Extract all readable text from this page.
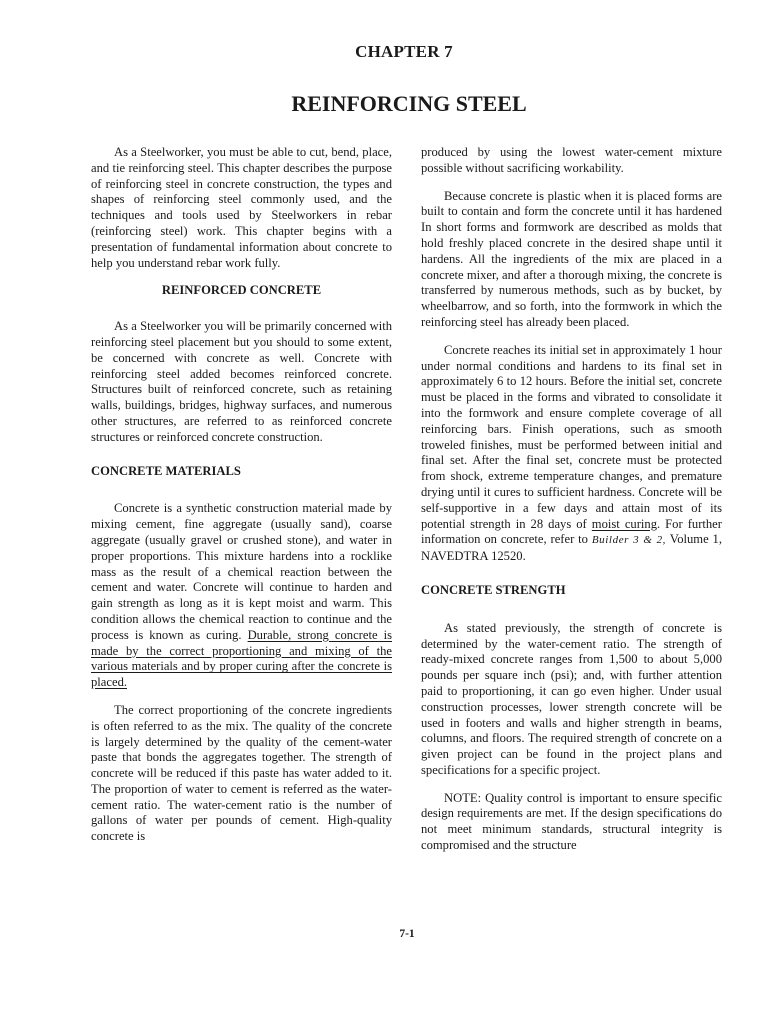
CHAPTER 7
REINFORCING STEEL

As a Steelworker, you must be able to cut, bend, place, and tie reinforcing steel. This chapter describes the purpose of reinforcing steel in concrete construction, the types and shapes of reinforcing steel commonly used, and the techniques and tools used by Steelworkers in rebar (reinforcing steel) work. This chapter begins with a presentation of fundamental information about concrete to help you understand rebar work fully.

REINFORCED CONCRETE

As a Steelworker you will be primarily concerned with reinforcing steel placement but you should to some extent, be concerned with concrete as well. Concrete with reinforcing steel added becomes reinforced concrete. Structures built of reinforced concrete, such as retaining walls, buildings, bridges, highway surfaces, and numerous other structures, are referred to as reinforced concrete structures or reinforced concrete construction.

CONCRETE MATERIALS

Concrete is a synthetic construction material made by mixing cement, fine aggregate (usually sand), coarse aggregate (usually gravel or crushed stone), and water in proper proportions. This mixture hardens into a rocklike mass as the result of a chemical reaction between the cement and water. Concrete will continue to harden and gain strength as long as it is kept moist and warm. This condition allows the chemical reaction to continue and the process is known as curing. Durable, strong concrete is made by the correct proportioning and mixing of the various materials and by proper curing after the concrete is placed.

The correct proportioning of the concrete ingredients is often referred to as the mix. The quality of the concrete is largely determined by the quality of the cement-water paste that bonds the aggregates together. The strength of concrete will be reduced if this paste has water added to it. The proportion of water to cement is referred as the water-cement ratio. The water-cement ratio is the number of gallons of water per pounds of cement. High-quality concrete is

produced by using the lowest water-cement mixture possible without sacrificing workability.

Because concrete is plastic when it is placed forms are built to contain and form the concrete until it has hardened In short forms and formwork are described as molds that hold freshly placed concrete in the desired shape until it hardens. All the ingredients of the mix are placed in a concrete mixer, and after a thorough mixing, the concrete is transferred by numerous methods, such as by bucket, by wheelbarrow, and so forth, into the formwork in which the reinforcing steel has already been placed.

Concrete reaches its initial set in approximately 1 hour under normal conditions and hardens to its final set in approximately 6 to 12 hours. Before the initial set, concrete must be placed in the forms and vibrated to consolidate it into the formwork and ensure complete coverage of all reinforcing bars. Finish operations, such as smooth troweled finishes, must be performed between initial and final set. After the final set, concrete must be protected from shock, extreme temperature changes, and premature drying until it cures to sufficient hardness. Concrete will be self-supportive in a few days and attain most of its potential strength in 28 days of moist curing. For further information on concrete, refer to Builder 3 & 2, Volume 1, NAVEDTRA 12520.

CONCRETE STRENGTH

As stated previously, the strength of concrete is determined by the water-cement ratio. The strength of ready-mixed concrete ranges from 1,500 to about 5,000 pounds per square inch (psi); and, with further attention paid to proportioning, it can go even higher. Under usual construction processes, lower strength concrete will be used in footers and walls and higher strength in beams, columns, and floors. The required strength of concrete on a given project can be found in the project plans and specifications for a specific project.

NOTE: Quality control is important to ensure specific design requirements are met. If the design specifications do not meet minimum standards, structural integrity is compromised and the structure

7-1
